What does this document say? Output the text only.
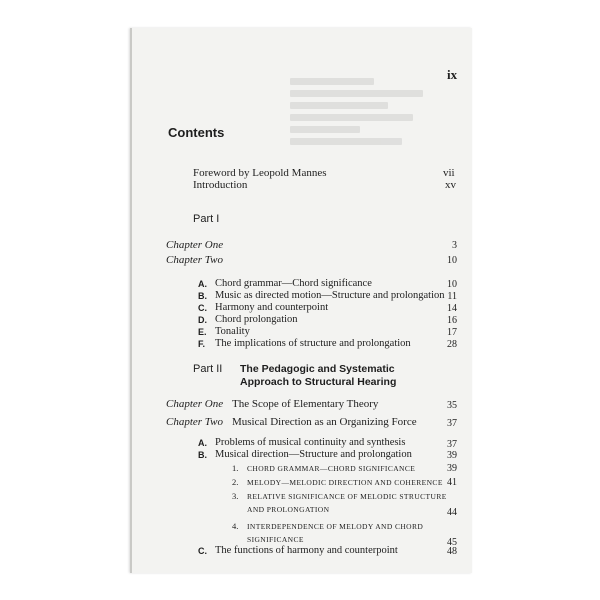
ix
Contents
Foreword by Leopold Mannes	vii
Introduction	xv
Part I
Chapter One	3
Chapter Two	10
A. Chord grammar—Chord significance	10
B. Music as directed motion—Structure and prolongation 11
C. Harmony and counterpoint	14
D. Chord prolongation	16
E. Tonality	17
F. The implications of structure and prolongation	28
Part II The Pedagogic and Systematic
Approach to Structural Hearing
Chapter One The Scope of Elementary Theory	35
Chapter Two Musical Direction as an Organizing Force	37
A. Problems of musical continuity and synthesis	37
B. Musical direction—Structure and prolongation	39
1. CHORD GRAMMAR—CHORD SIGNIFICANCE	39
2. MELODY—MELODIC DIRECTION AND COHERENCE 41
3. RELATIVE SIGNIFICANCE OF MELODIC STRUCTURE
AND PROLONGATION	44
4. INTERDEPENDENCE OF MELODY AND CHORD
SIGNIFICANCE	45
C. The functions of harmony and counterpoint	48
